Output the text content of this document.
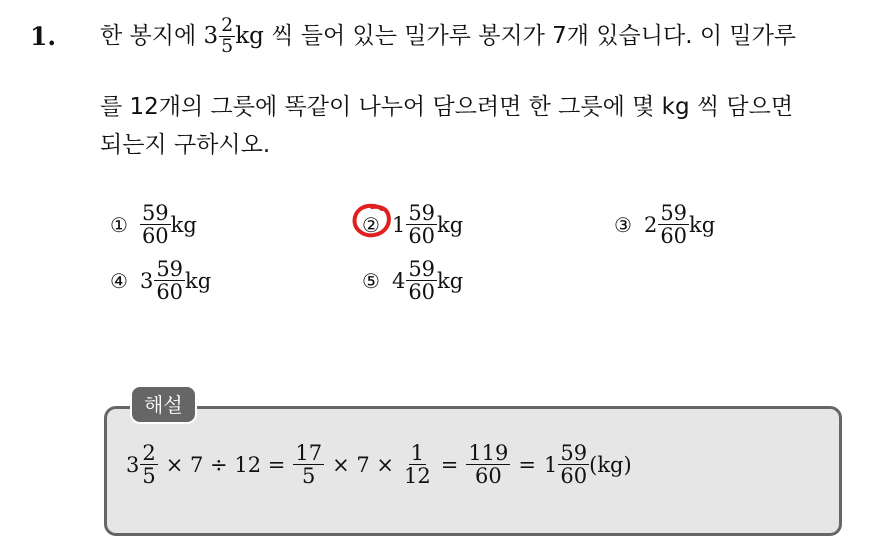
1. 한 봉지에 $3 \frac{2}{5}$ kg 씩 들어 있는 밀가루 봉지가 7개 있습니다. 이 밀가루
를 12개의 그릇에 똑같이 나누어 담으려면 한 그릇에 몇 kg 씩 담으면
되는지 구하시오.
① $\frac{59}{60}$ kg	② $1 \frac{59}{60}$ kg	③ $2 \frac{59}{60}$ kg
④ $3 \frac{59}{60}$ kg	⑤ $4 \frac{59}{60}$ kg
해설
$3 \frac{2}{5} \times 7 \div 12 = \frac{17}{5} \times 7 \times \frac{1}{12} = \frac{119}{60} = 1 \frac{59}{60} (kg)$
